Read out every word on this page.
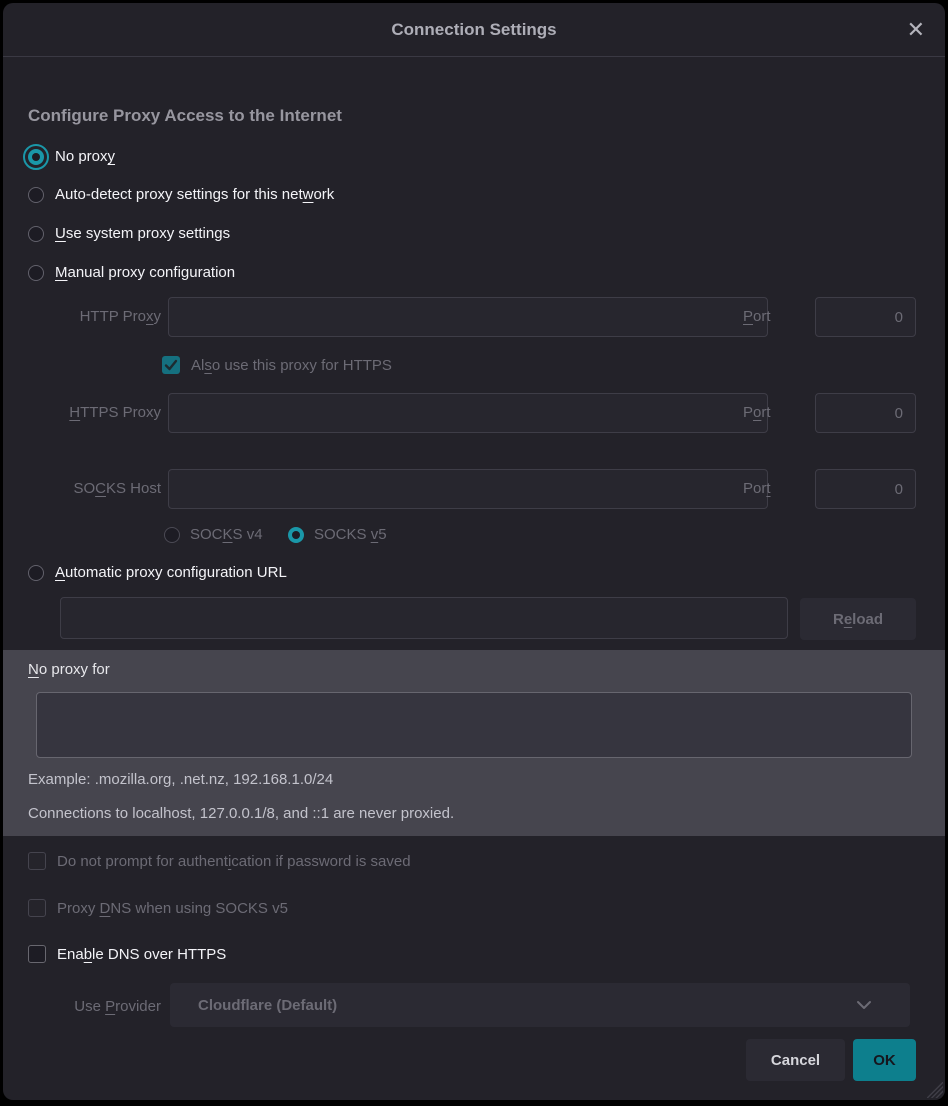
Connection Settings	✕
Configure Proxy Access to the Internet
No proxy
Auto-detect proxy settings for this network
Use system proxy settings
Manual proxy configuration
HTTP Proxy	Port
0
Also use this proxy for HTTPS
HTTPS Proxy	Port
0
SOCKS Host	Port
0
SOCKS v4	SOCKS v5
Automatic proxy configuration URL
R e load
No proxy for
Example: .mozilla.org, .net.nz, 192.168.1.0/24
Connections to localhost, 127.0.0.1/8, and ::1 are never proxied.
Do not prompt for authentication if password is saved
Proxy DNS when using SOCKS v5
Enable DNS over HTTPS
Use Provider Cloudflare (Default)
Cancel	OK
